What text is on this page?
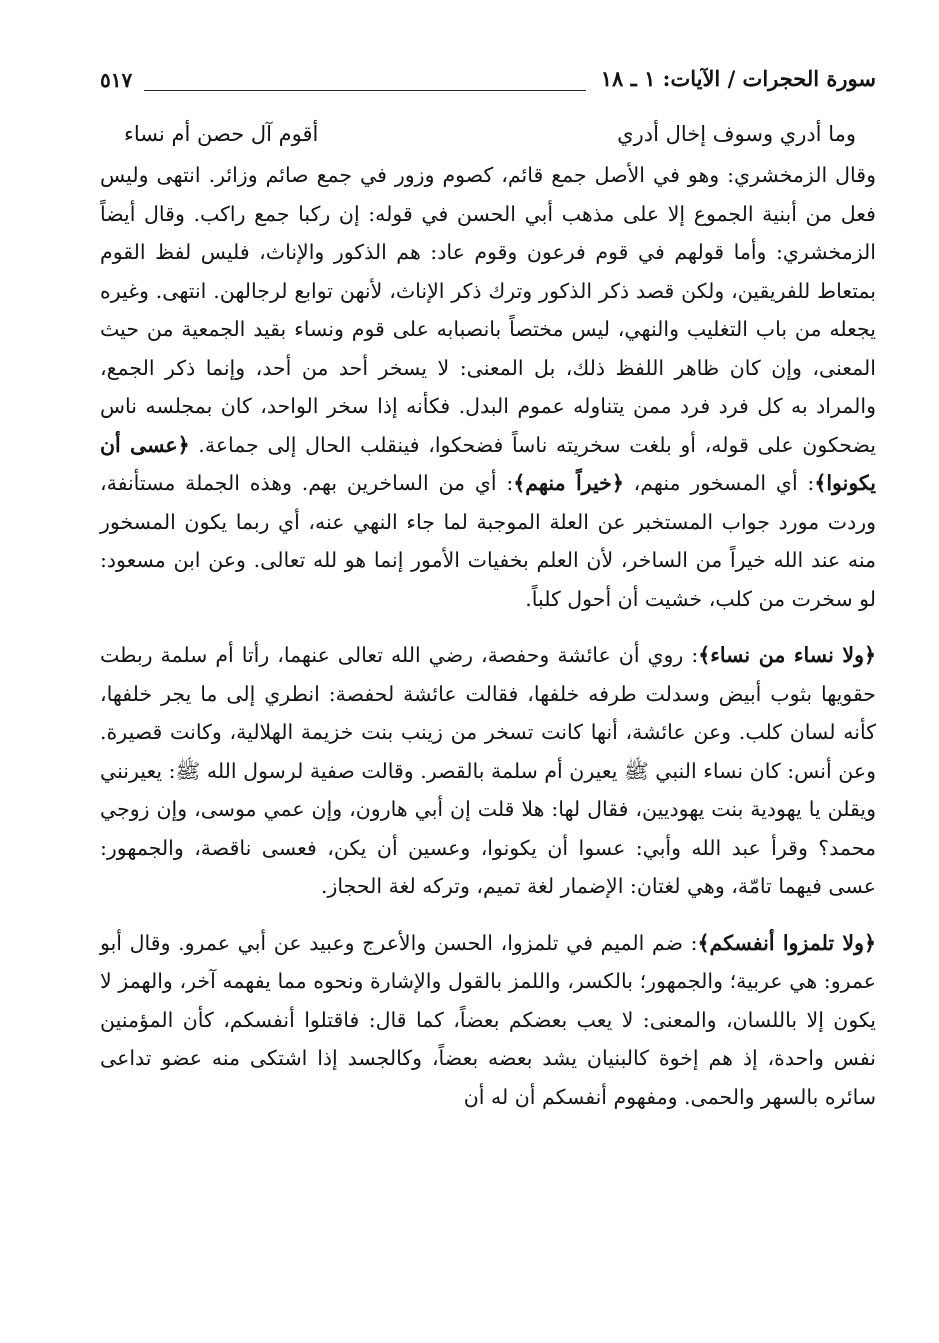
سورة الحجرات / الآيات: ١ ـ ١٨
٥١٧
وما أدري وسوف إخال أدري
أقوم آل حصن أم نساء

وقال الزمخشري: وهو في الأصل جمع قائم، كصوم وزور في جمع صائم وزائر. انتهى وليس فعل من أبنية الجموع إلا على مذهب أبي الحسن في قوله: إن ركبا جمع راكب. وقال أيضاً الزمخشري: وأما قولهم في قوم فرعون وقوم عاد: هم الذكور والإناث، فليس لفظ القوم بمتعاط للفريقين، ولكن قصد ذكر الذكور وترك ذكر الإناث، لأنهن توابع لرجالهن. انتهى. وغيره يجعله من باب التغليب والنهي، ليس مختصاً بانصبابه على قوم ونساء بقيد الجمعية من حيث المعنى، وإن كان ظاهر اللفظ ذلك، بل المعنى: لا يسخر أحد من أحد، وإنما ذكر الجمع، والمراد به كل فرد فرد ممن يتناوله عموم البدل. فكأنه إذا سخر الواحد، كان بمجلسه ناس يضحكون على قوله، أو بلغت سخريته ناساً فضحكوا، فينقلب الحال إلى جماعة. ﴿عسى أن يكونوا﴾: أي المسخور منهم، ﴿خيراً منهم﴾: أي من الساخرين بهم. وهذه الجملة مستأنفة، وردت مورد جواب المستخبر عن العلة الموجبة لما جاء النهي عنه، أي ربما يكون المسخور منه عند الله خيراً من الساخر، لأن العلم بخفيات الأمور إنما هو لله تعالى. وعن ابن مسعود: لو سخرت من كلب، خشيت أن أحول كلباً.

﴿ولا نساء من نساء﴾: روي أن عائشة وحفصة، رضي الله تعالى عنهما، رأتا أم سلمة ربطت حقويها بثوب أبيض وسدلت طرفه خلفها، فقالت عائشة لحفصة: انطري إلى ما يجر خلفها، كأنه لسان كلب. وعن عائشة، أنها كانت تسخر من زينب بنت خزيمة الهلالية، وكانت قصيرة. وعن أنس: كان نساء النبي ﷺ يعيرن أم سلمة بالقصر. وقالت صفية لرسول الله ﷺ: يعيرنني ويقلن يا يهودية بنت يهوديين، فقال لها: هلا قلت إن أبي هارون، وإن عمي موسى، وإن زوجي محمد؟ وقرأ عبد الله وأبي: عسوا أن يكونوا، وعسين أن يكن، فعسى ناقصة، والجمهور: عسى فيهما تامّة، وهي لغتان: الإضمار لغة تميم، وتركه لغة الحجاز.

﴿ولا تلمزوا أنفسكم﴾: ضم الميم في تلمزوا، الحسن والأعرج وعبيد عن أبي عمرو. وقال أبو عمرو: هي عربية؛ والجمهور؛ بالكسر، واللمز بالقول والإشارة ونحوه مما يفهمه آخر، والهمز لا يكون إلا باللسان، والمعنى: لا يعب بعضكم بعضاً، كما قال: فاقتلوا أنفسكم، كأن المؤمنين نفس واحدة، إذ هم إخوة كالبنيان يشد بعضه بعضاً، وكالجسد إذا اشتكى منه عضو تداعى سائره بالسهر والحمى. ومفهوم أنفسكم أن له أن
